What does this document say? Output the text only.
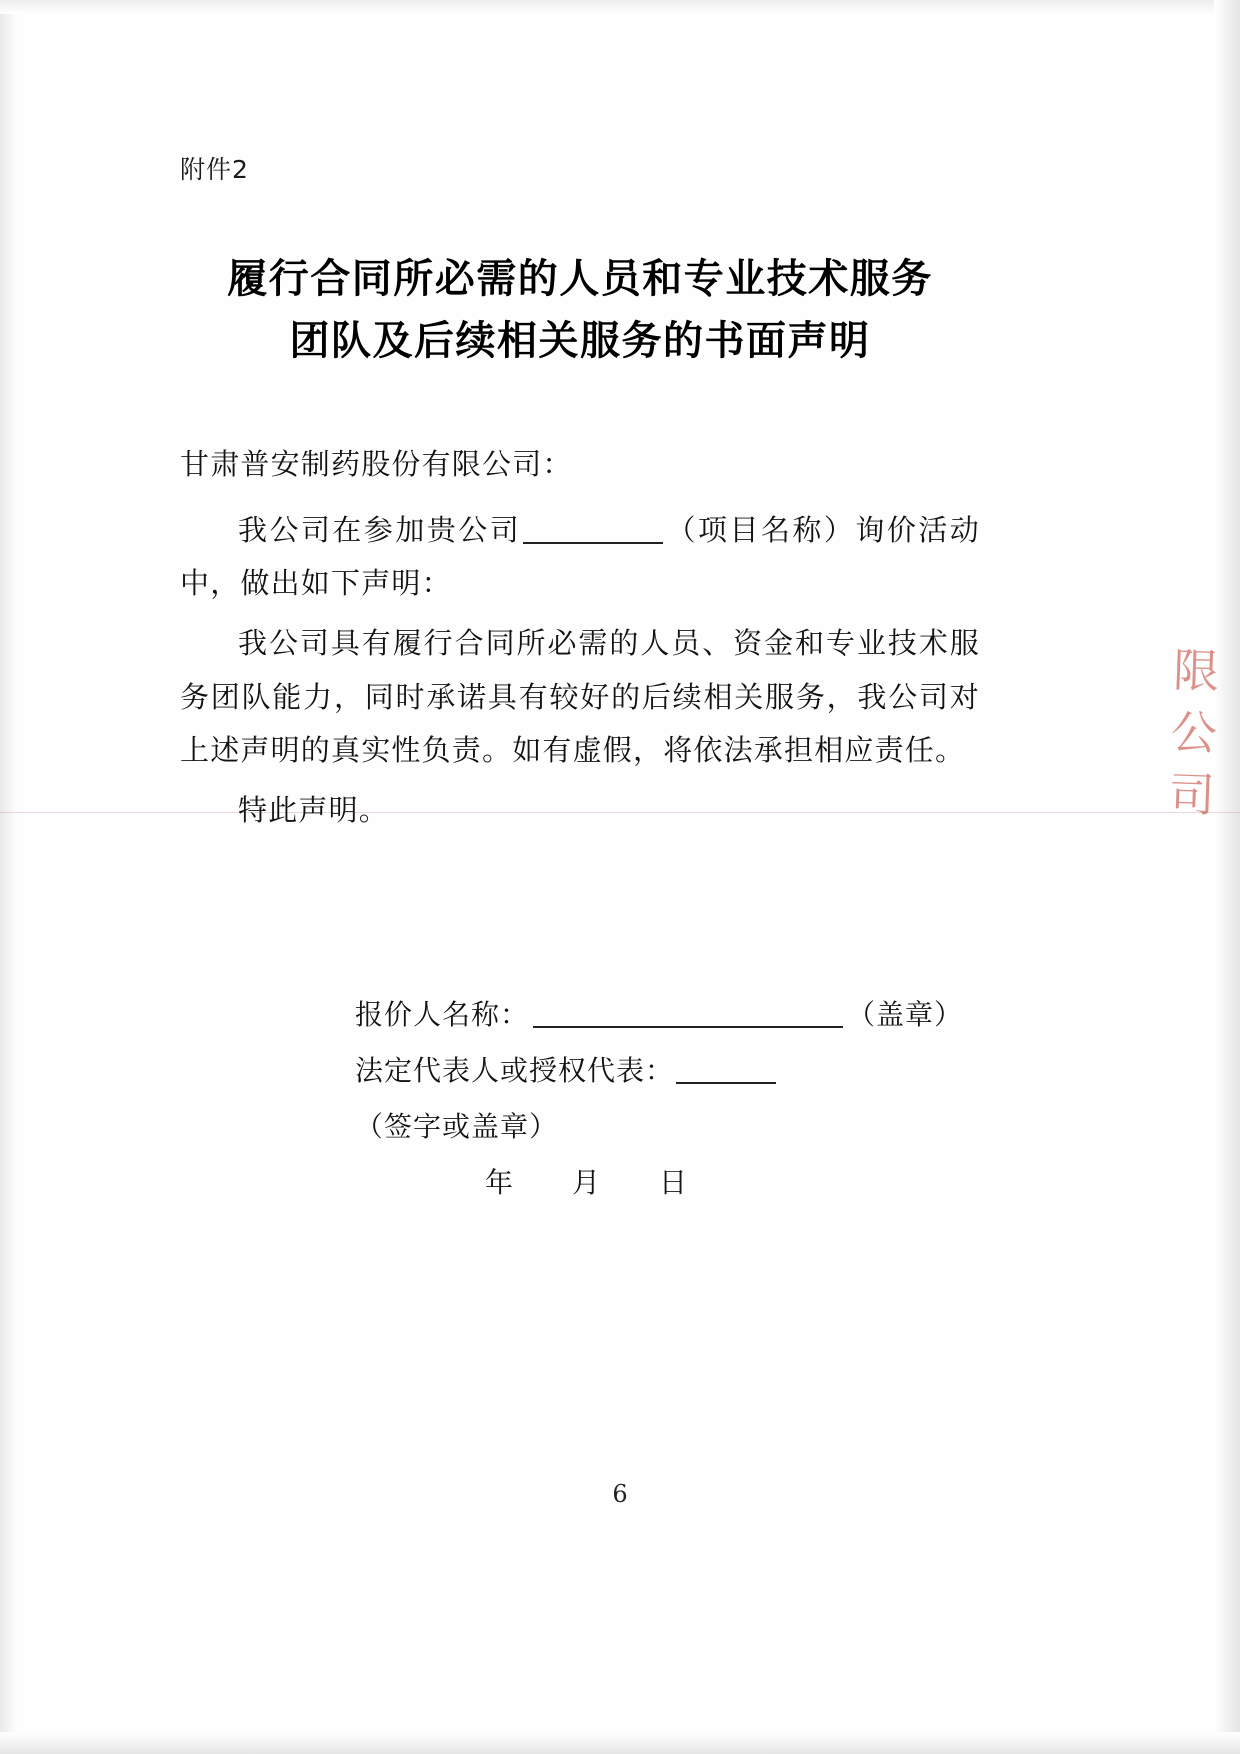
限公司
附件2
履行合同所必需的人员和专业技术服务
团队及后续相关服务的书面声明
甘肃普安制药股份有限公司：

我公司在参加贵公司	（项目名称）询价活动中，做出如下声明：

我公司具有履行合同所必需的人员、资金和专业技术服务团队能力，同时承诺具有较好的后续相关服务，我公司对上述声明的真实性负责。如有虚假，将依法承担相应责任。

特此声明。

报价人名称：	（盖章）
法定代表人或授权代表：（签字或盖章）
年 月 日
6
